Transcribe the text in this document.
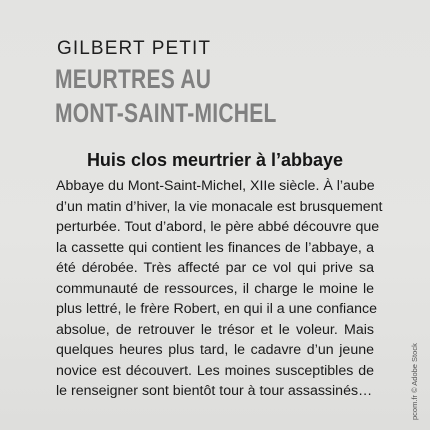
GILBERT PETIT
MEURTRES AU
MONT-SAINT-MICHEL
Huis clos meurtrier à l’abbaye

Abbaye du Mont-Saint-Michel, XIIe siècle. À l’aube
d’un matin d’hiver, la vie monacale est brusquement
perturbée. Tout d’abord, le père abbé découvre que
la cassette qui contient les finances de l’abbaye, a
été dérobée. Très affecté par ce vol qui prive sa
communauté de ressources, il charge le moine le
plus lettré, le frère Robert, en qui il a une confiance
absolue, de retrouver le trésor et le voleur. Mais
quelques heures plus tard, le cadavre d’un jeune
novice est découvert. Les moines susceptibles de
le renseigner sont bientôt tour à tour assassinés…	pcom.fr © Adobe Stock
